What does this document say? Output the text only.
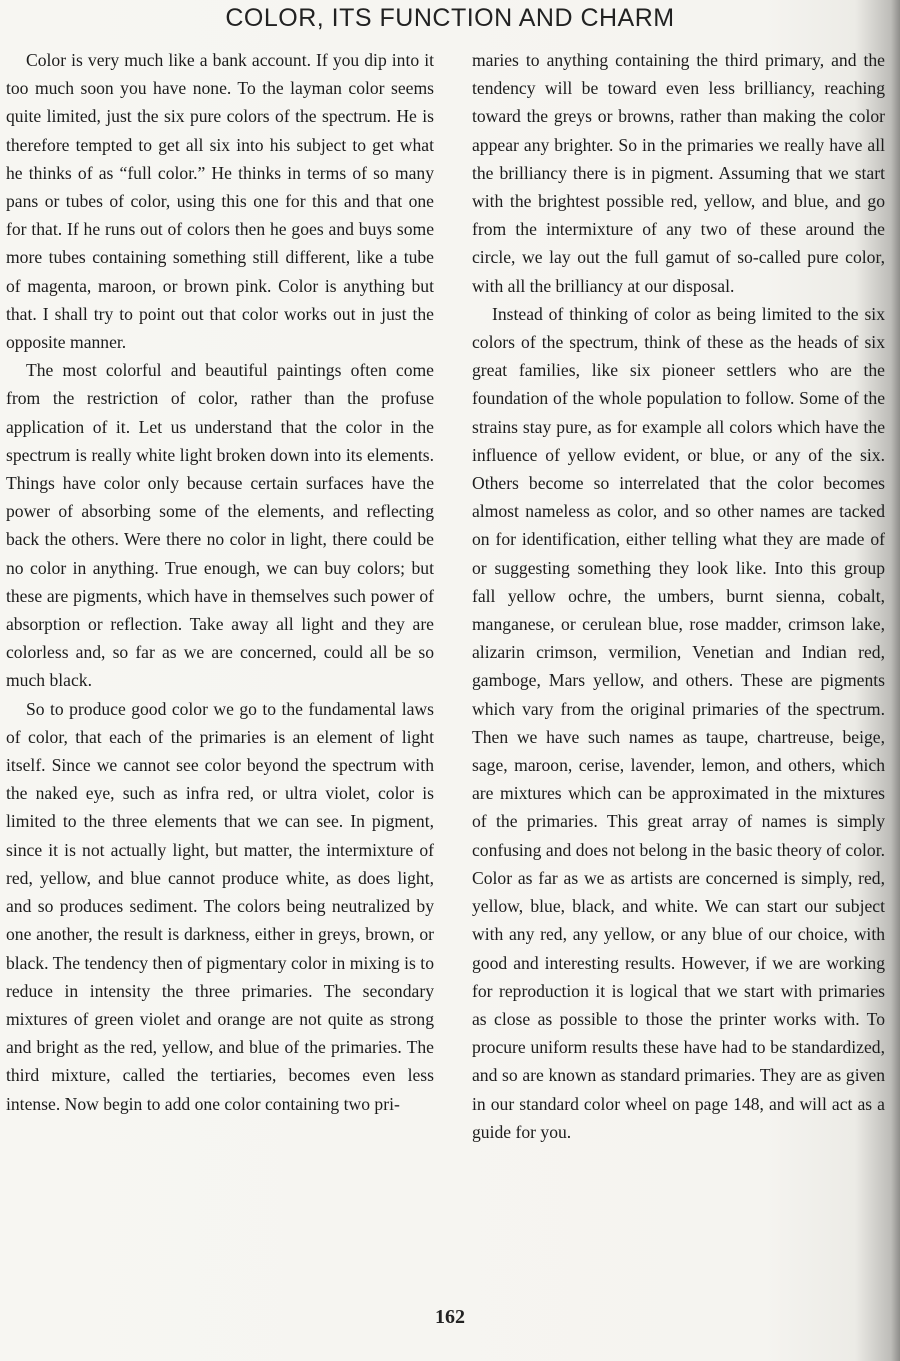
COLOR, ITS FUNCTION AND CHARM

Color is very much like a bank account. If you dip into it too much soon you have none. To the layman color seems quite limited, just the six pure colors of the spectrum. He is therefore tempted to get all six into his subject to get what he thinks of as “full color.” He thinks in terms of so many pans or tubes of color, using this one for this and that one for that. If he runs out of colors then he goes and buys some more tubes containing something still different, like a tube of magenta, maroon, or brown pink. Color is anything but that. I shall try to point out that color works out in just the opposite manner.

The most colorful and beautiful paintings often come from the restriction of color, rather than the profuse application of it. Let us understand that the color in the spectrum is really white light broken down into its elements. Things have color only because certain surfaces have the power of absorbing some of the elements, and reflecting back the others. Were there no color in light, there could be no color in anything. True enough, we can buy colors; but these are pigments, which have in themselves such power of absorption or reflection. Take away all light and they are colorless and, so far as we are concerned, could all be so much black.

So to produce good color we go to the fundamental laws of color, that each of the primaries is an element of light itself. Since we cannot see color beyond the spectrum with the naked eye, such as infra red, or ultra violet, color is limited to the three elements that we can see. In pigment, since it is not actually light, but matter, the intermixture of red, yellow, and blue cannot produce white, as does light, and so produces sediment. The colors being neutralized by one another, the result is darkness, either in greys, brown, or black. The tendency then of pigmentary color in mixing is to reduce in intensity the three primaries. The secondary mixtures of green violet and orange are not quite as strong and bright as the red, yellow, and blue of the primaries. The third mixture, called the tertiaries, becomes even less intense. Now begin to add one color containing two pri-

maries to anything containing the third primary, and the tendency will be toward even less brilliancy, reaching toward the greys or browns, rather than making the color appear any brighter. So in the primaries we really have all the brilliancy there is in pigment. Assuming that we start with the brightest possible red, yellow, and blue, and go from the intermixture of any two of these around the circle, we lay out the full gamut of so-called pure color, with all the brilliancy at our disposal.

Instead of thinking of color as being limited to the six colors of the spectrum, think of these as the heads of six great families, like six pioneer settlers who are the foundation of the whole population to follow. Some of the strains stay pure, as for example all colors which have the influence of yellow evident, or blue, or any of the six. Others become so interrelated that the color becomes almost nameless as color, and so other names are tacked on for identification, either telling what they are made of or suggesting something they look like. Into this group fall yellow ochre, the umbers, burnt sienna, cobalt, manganese, or cerulean blue, rose madder, crimson lake, alizarin crimson, vermilion, Venetian and Indian red, gamboge, Mars yellow, and others. These are pigments which vary from the original primaries of the spectrum. Then we have such names as taupe, chartreuse, beige, sage, maroon, cerise, lavender, lemon, and others, which are mixtures which can be approximated in the mixtures of the primaries. This great array of names is simply confusing and does not belong in the basic theory of color. Color as far as we as artists are concerned is simply, red, yellow, blue, black, and white. We can start our subject with any red, any yellow, or any blue of our choice, with good and interesting results. However, if we are working for reproduction it is logical that we start with primaries as close as possible to those the printer works with. To procure uniform results these have had to be standardized, and so are known as standard primaries. They are as given in our standard color wheel on page 148, and will act as a guide for you.

162
